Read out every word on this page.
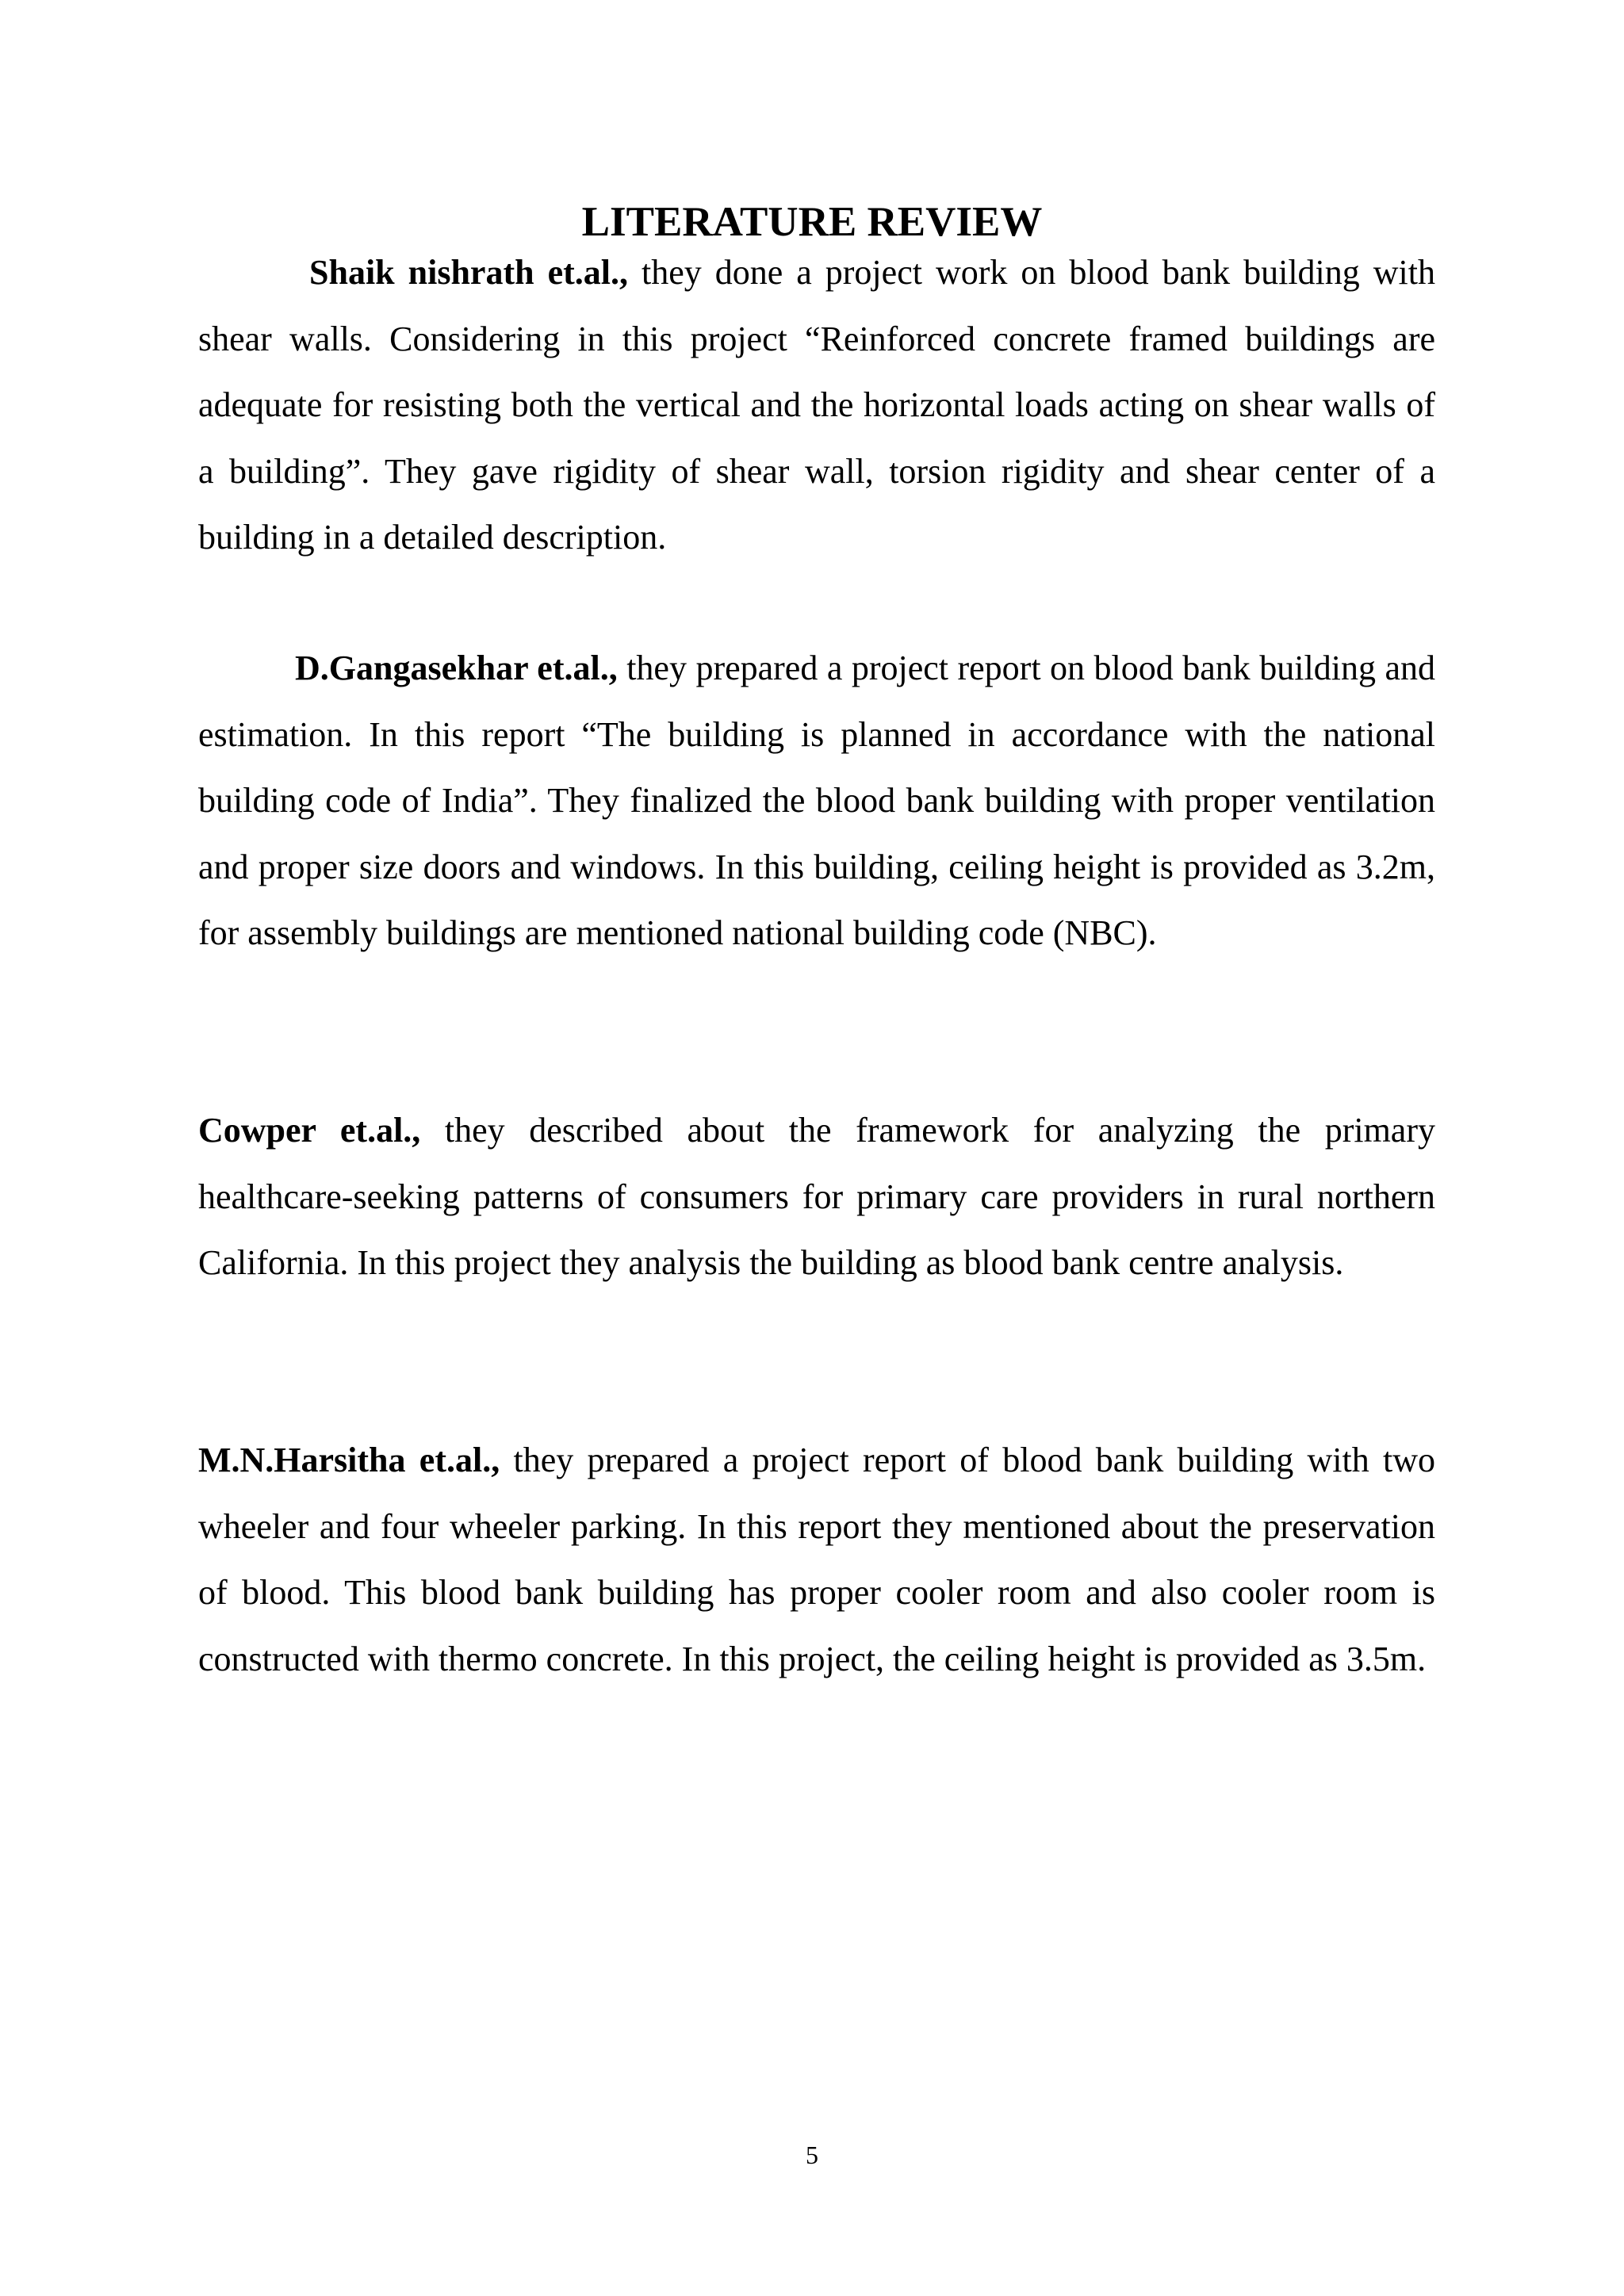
LITERATURE REVIEW

Shaik nishrath et.al., they done a project work on blood bank building with shear walls. Considering in this project “Reinforced concrete framed buildings are adequate for resisting both the vertical and the horizontal loads acting on shear walls of a building”. They gave rigidity of shear wall, torsion rigidity and shear center of a building in a detailed description.

D.Gangasekhar et.al., they prepared a project report on blood bank building and estimation. In this report “The building is planned in accordance with the national building code of India”. They finalized the blood bank building with proper ventilation and proper size doors and windows. In this building, ceiling height is provided as 3.2m, for assembly buildings are mentioned national building code (NBC).

Cowper et.al., they described about the framework for analyzing the primary healthcare-seeking patterns of consumers for primary care providers in rural northern California. In this project they analysis the building as blood bank centre analysis.

M.N.Harsitha et.al., they prepared a project report of blood bank building with two wheeler and four wheeler parking. In this report they mentioned about the preservation of blood. This blood bank building has proper cooler room and also cooler room is constructed with thermo concrete. In this project, the ceiling height is provided as 3.5m.

5
